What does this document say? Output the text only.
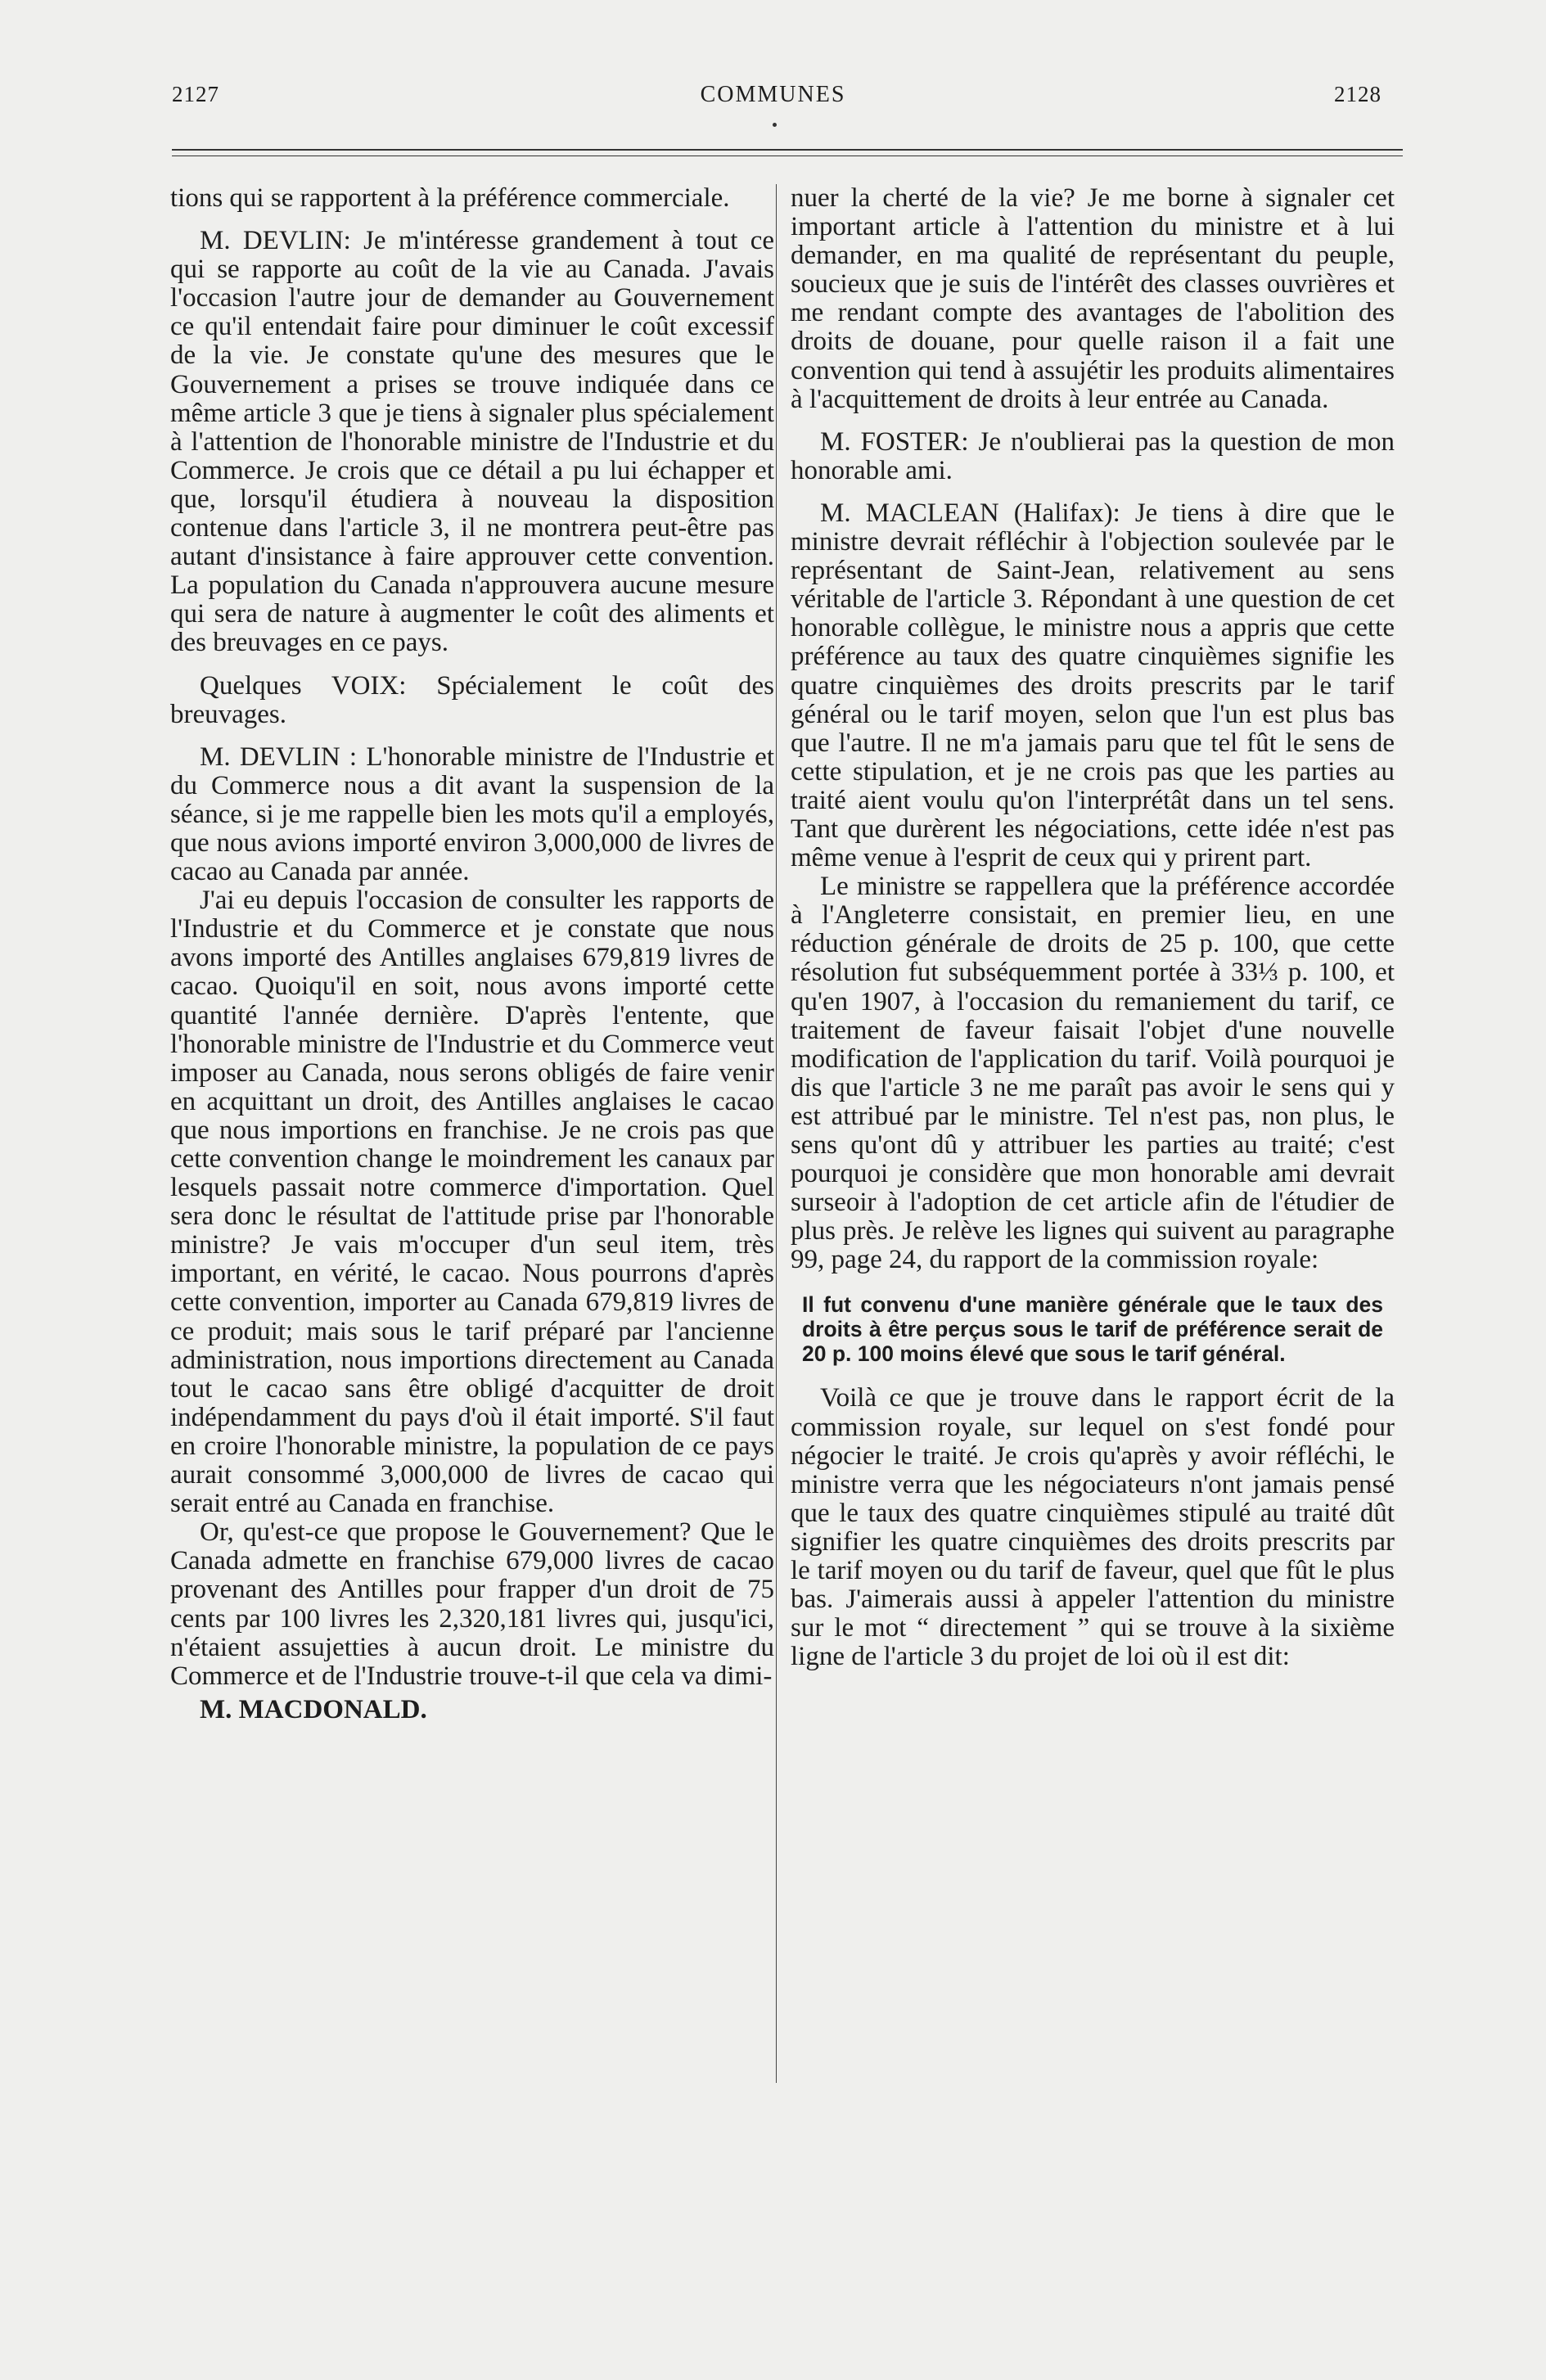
2127	COMMUNES	2128

tions qui se rapportent à la préférence commerciale.

M. DEVLIN: Je m'intéresse grandement à tout ce qui se rapporte au coût de la vie au Canada. J'avais l'occasion l'autre jour de demander au Gouvernement ce qu'il entendait faire pour diminuer le coût excessif de la vie. Je constate qu'une des mesures que le Gouvernement a prises se trouve indiquée dans ce même article 3 que je tiens à signaler plus spécialement à l'attention de l'honorable ministre de l'Industrie et du Commerce. Je crois que ce détail a pu lui échapper et que, lorsqu'il étudiera à nouveau la disposition contenue dans l'article 3, il ne montrera peut-être pas autant d'insistance à faire approuver cette convention. La population du Canada n'approuvera aucune mesure qui sera de nature à augmenter le coût des aliments et des breuvages en ce pays.

Quelques VOIX: Spécialement le coût des breuvages.

M. DEVLIN : L'honorable ministre de l'Industrie et du Commerce nous a dit avant la suspension de la séance, si je me rappelle bien les mots qu'il a employés, que nous avions importé environ 3,000,000 de livres de cacao au Canada par année.

J'ai eu depuis l'occasion de consulter les rapports de l'Industrie et du Commerce et je constate que nous avons importé des Antilles anglaises 679,819 livres de cacao. Quoiqu'il en soit, nous avons importé cette quantité l'année dernière. D'après l'entente, que l'honorable ministre de l'Industrie et du Commerce veut imposer au Canada, nous serons obligés de faire venir en acquittant un droit, des Antilles anglaises le cacao que nous importions en franchise. Je ne crois pas que cette convention change le moindrement les canaux par lesquels passait notre commerce d'importation. Quel sera donc le résultat de l'attitude prise par l'honorable ministre? Je vais m'occuper d'un seul item, très important, en vérité, le cacao. Nous pourrons d'après cette convention, importer au Canada 679,819 livres de ce produit; mais sous le tarif préparé par l'ancienne administration, nous importions directement au Canada tout le cacao sans être obligé d'acquitter de droit indépendamment du pays d'où il était importé. S'il faut en croire l'honorable ministre, la population de ce pays aurait consommé 3,000,000 de livres de cacao qui serait entré au Canada en franchise.

Or, qu'est-ce que propose le Gouvernement? Que le Canada admette en franchise 679,000 livres de cacao provenant des Antilles pour frapper d'un droit de 75 cents par 100 livres les 2,320,181 livres qui, jusqu'ici, n'étaient assujetties à aucun droit. Le ministre du Commerce et de l'Industrie trouve-t-il que cela va dimi-

M. MACDONALD.

nuer la cherté de la vie? Je me borne à signaler cet important article à l'attention du ministre et à lui demander, en ma qualité de représentant du peuple, soucieux que je suis de l'intérêt des classes ouvrières et me rendant compte des avantages de l'abolition des droits de douane, pour quelle raison il a fait une convention qui tend à assujétir les produits alimentaires à l'acquittement de droits à leur entrée au Canada.

M. FOSTER: Je n'oublierai pas la question de mon honorable ami.

M. MACLEAN (Halifax): Je tiens à dire que le ministre devrait réfléchir à l'objection soulevée par le représentant de Saint-Jean, relativement au sens véritable de l'article 3. Répondant à une question de cet honorable collègue, le ministre nous a appris que cette préférence au taux des quatre cinquièmes signifie les quatre cinquièmes des droits prescrits par le tarif général ou le tarif moyen, selon que l'un est plus bas que l'autre. Il ne m'a jamais paru que tel fût le sens de cette stipulation, et je ne crois pas que les parties au traité aient voulu qu'on l'interprétât dans un tel sens. Tant que durèrent les négociations, cette idée n'est pas même venue à l'esprit de ceux qui y prirent part.

Le ministre se rappellera que la préférence accordée à l'Angleterre consistait, en premier lieu, en une réduction générale de droits de 25 p. 100, que cette résolution fut subséquemment portée à 33⅓ p. 100, et qu'en 1907, à l'occasion du remaniement du tarif, ce traitement de faveur faisait l'objet d'une nouvelle modification de l'application du tarif. Voilà pourquoi je dis que l'article 3 ne me paraît pas avoir le sens qui y est attribué par le ministre. Tel n'est pas, non plus, le sens qu'ont dû y attribuer les parties au traité; c'est pourquoi je considère que mon honorable ami devrait surseoir à l'adoption de cet article afin de l'étudier de plus près. Je relève les lignes qui suivent au paragraphe 99, page 24, du rapport de la commission royale:

Il fut convenu d'une manière générale que le taux des droits à être perçus sous le tarif de préférence serait de 20 p. 100 moins élevé que sous le tarif général.

Voilà ce que je trouve dans le rapport écrit de la commission royale, sur lequel on s'est fondé pour négocier le traité. Je crois qu'après y avoir réfléchi, le ministre verra que les négociateurs n'ont jamais pensé que le taux des quatre cinquièmes stipulé au traité dût signifier les quatre cinquièmes des droits prescrits par le tarif moyen ou du tarif de faveur, quel que fût le plus bas. J'aimerais aussi à appeler l'attention du ministre sur le mot “ directement ” qui se trouve à la sixième ligne de l'article 3 du projet de loi où il est dit:
